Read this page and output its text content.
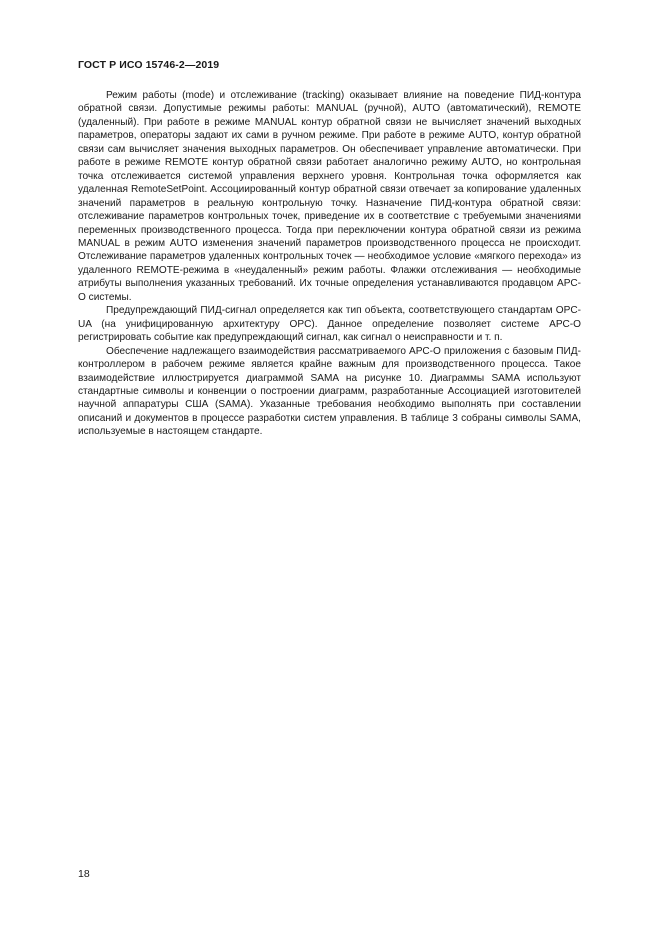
ГОСТ Р ИСО 15746-2—2019

Режим работы (mode) и отслеживание (tracking) оказывает влияние на поведение ПИД-контура обратной связи. Допустимые режимы работы: MANUAL (ручной), AUTO (автоматический), REMOTE (удаленный). При работе в режиме MANUAL контур обратной связи не вычисляет значений выходных параметров, операторы задают их сами в ручном режиме. При работе в режиме AUTO, контур обратной связи сам вычисляет значения выходных параметров. Он обеспечивает управление автоматически. При работе в режиме REMOTE контур обратной связи работает аналогично режиму AUTO, но контрольная точка отслеживается системой управления верхнего уровня. Контрольная точка оформляется как удаленная RemoteSetPoint. Ассоциированный контур обратной связи отвечает за копирование удаленных значений параметров в реальную контрольную точку. Назначение ПИД-контура обратной связи: отслеживание параметров контрольных точек, приведение их в соответствие с требуемыми значениями переменных производственного процесса. Тогда при переключении контура обратной связи из режима MANUAL в режим AUTO изменения значений параметров производственного процесса не происходит. Отслеживание параметров удаленных контрольных точек — необходимое условие «мягкого перехода» из удаленного REMOTE-режима в «неудаленный» режим работы. Флажки отслеживания — необходимые атрибуты выполнения указанных требований. Их точные определения устанавливаются продавцом АРС-О системы.

Предупреждающий ПИД-сигнал определяется как тип объекта, соответствующего стандартам OPC-UA (на унифицированную архитектуру OPC). Данное определение позволяет системе АРС-О регистрировать событие как предупреждающий сигнал, как сигнал о неисправности и т. п.

Обеспечение надлежащего взаимодействия рассматриваемого АРС-О приложения с базовым ПИД-контроллером в рабочем режиме является крайне важным для производственного процесса. Такое взаимодействие иллюстрируется диаграммой SAMA на рисунке 10. Диаграммы SAMA используют стандартные символы и конвенции о построении диаграмм, разработанные Ассоциацией изготовителей научной аппаратуры США (SAMA). Указанные требования необходимо выполнять при составлении описаний и документов в процессе разработки систем управления. В таблице 3 собраны символы SAMA, используемые в настоящем стандарте.

18
